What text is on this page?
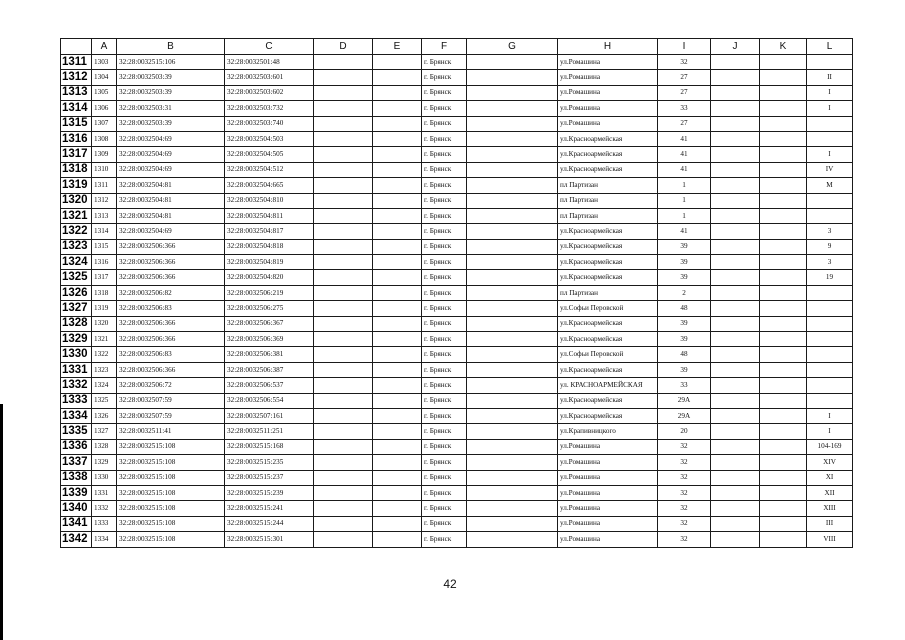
	A	B	C	D	E	F	G	H	I	J	K	L
1311	1303	32:28:0032515:106	32:28:0032501:48			г. Брянск		ул.Ромашина	32			
1312	1304	32:28:0032503:39	32:28:0032503:601			г. Брянск		ул.Ромашина	27			II
1313	1305	32:28:0032503:39	32:28:0032503:602			г. Брянск		ул.Ромашина	27			I
1314	1306	32:28:0032503:31	32:28:0032503:732			г. Брянск		ул.Ромашина	33			I
1315	1307	32:28:0032503:39	32:28:0032503:740			г. Брянск		ул.Ромашина	27			
1316	1308	32:28:0032504:69	32:28:0032504:503			г. Брянск		ул.Красноармейская	41			
1317	1309	32:28:0032504:69	32:28:0032504:505			г. Брянск		ул.Красноармейская	41			I
1318	1310	32:28:0032504:69	32:28:0032504:512			г. Брянск		ул.Красноармейская	41			IV
1319	1311	32:28:0032504:81	32:28:0032504:665			г. Брянск		пл Партизан	1			М
1320	1312	32:28:0032504:81	32:28:0032504:810			г. Брянск		пл Партизан	1			
1321	1313	32:28:0032504:81	32:28:0032504:811			г. Брянск		пл Партизан	1			
1322	1314	32:28:0032504:69	32:28:0032504:817			г. Брянск		ул.Красноармейская	41			3
1323	1315	32:28:0032506:366	32:28:0032504:818			г. Брянск		ул.Красноармейская	39			9
1324	1316	32:28:0032506:366	32:28:0032504:819			г. Брянск		ул.Красноармейская	39			3
1325	1317	32:28:0032506:366	32:28:0032504:820			г. Брянск		ул.Красноармейская	39			19
1326	1318	32:28:0032506:82	32:28:0032506:219			г. Брянск		пл Партизан	2			
1327	1319	32:28:0032506:83	32:28:0032506:275			г. Брянск		ул.Софьи Перовской	48			
1328	1320	32:28:0032506:366	32:28:0032506:367			г. Брянск		ул.Красноармейская	39			
1329	1321	32:28:0032506:366	32:28:0032506:369			г. Брянск		ул.Красноармейская	39			
1330	1322	32:28:0032506:83	32:28:0032506:381			г. Брянск		ул.Софьи Перовской	48			
1331	1323	32:28:0032506:366	32:28:0032506:387			г. Брянск		ул.Красноармейская	39			
1332	1324	32:28:0032506:72	32:28:0032506:537			г. Брянск		ул. КРАСНОАРМЕЙСКАЯ	33			
1333	1325	32:28:0032507:59	32:28:0032506:554			г. Брянск		ул.Красноармейская	29А			
1334	1326	32:28:0032507:59	32:28:0032507:161			г. Брянск		ул.Красноармейская	29А			I
1335	1327	32:28:0032511:41	32:28:0032511:251			г. Брянск		ул.Крапивницкого	20			I
1336	1328	32:28:0032515:108	32:28:0032515:168			г. Брянск		ул.Ромашина	32			104-169
1337	1329	32:28:0032515:108	32:28:0032515:235			г. Брянск		ул.Ромашина	32			XIV
1338	1330	32:28:0032515:108	32:28:0032515:237			г. Брянск		ул.Ромашина	32			XI
1339	1331	32:28:0032515:108	32:28:0032515:239			г. Брянск		ул.Ромашина	32			XII
1340	1332	32:28:0032515:108	32:28:0032515:241			г. Брянск		ул.Ромашина	32			XIII
1341	1333	32:28:0032515:108	32:28:0032515:244			г. Брянск		ул.Ромашина	32			III
1342	1334	32:28:0032515:108	32:28:0032515:301			г. Брянск		ул.Ромашина	32			VIII
42
